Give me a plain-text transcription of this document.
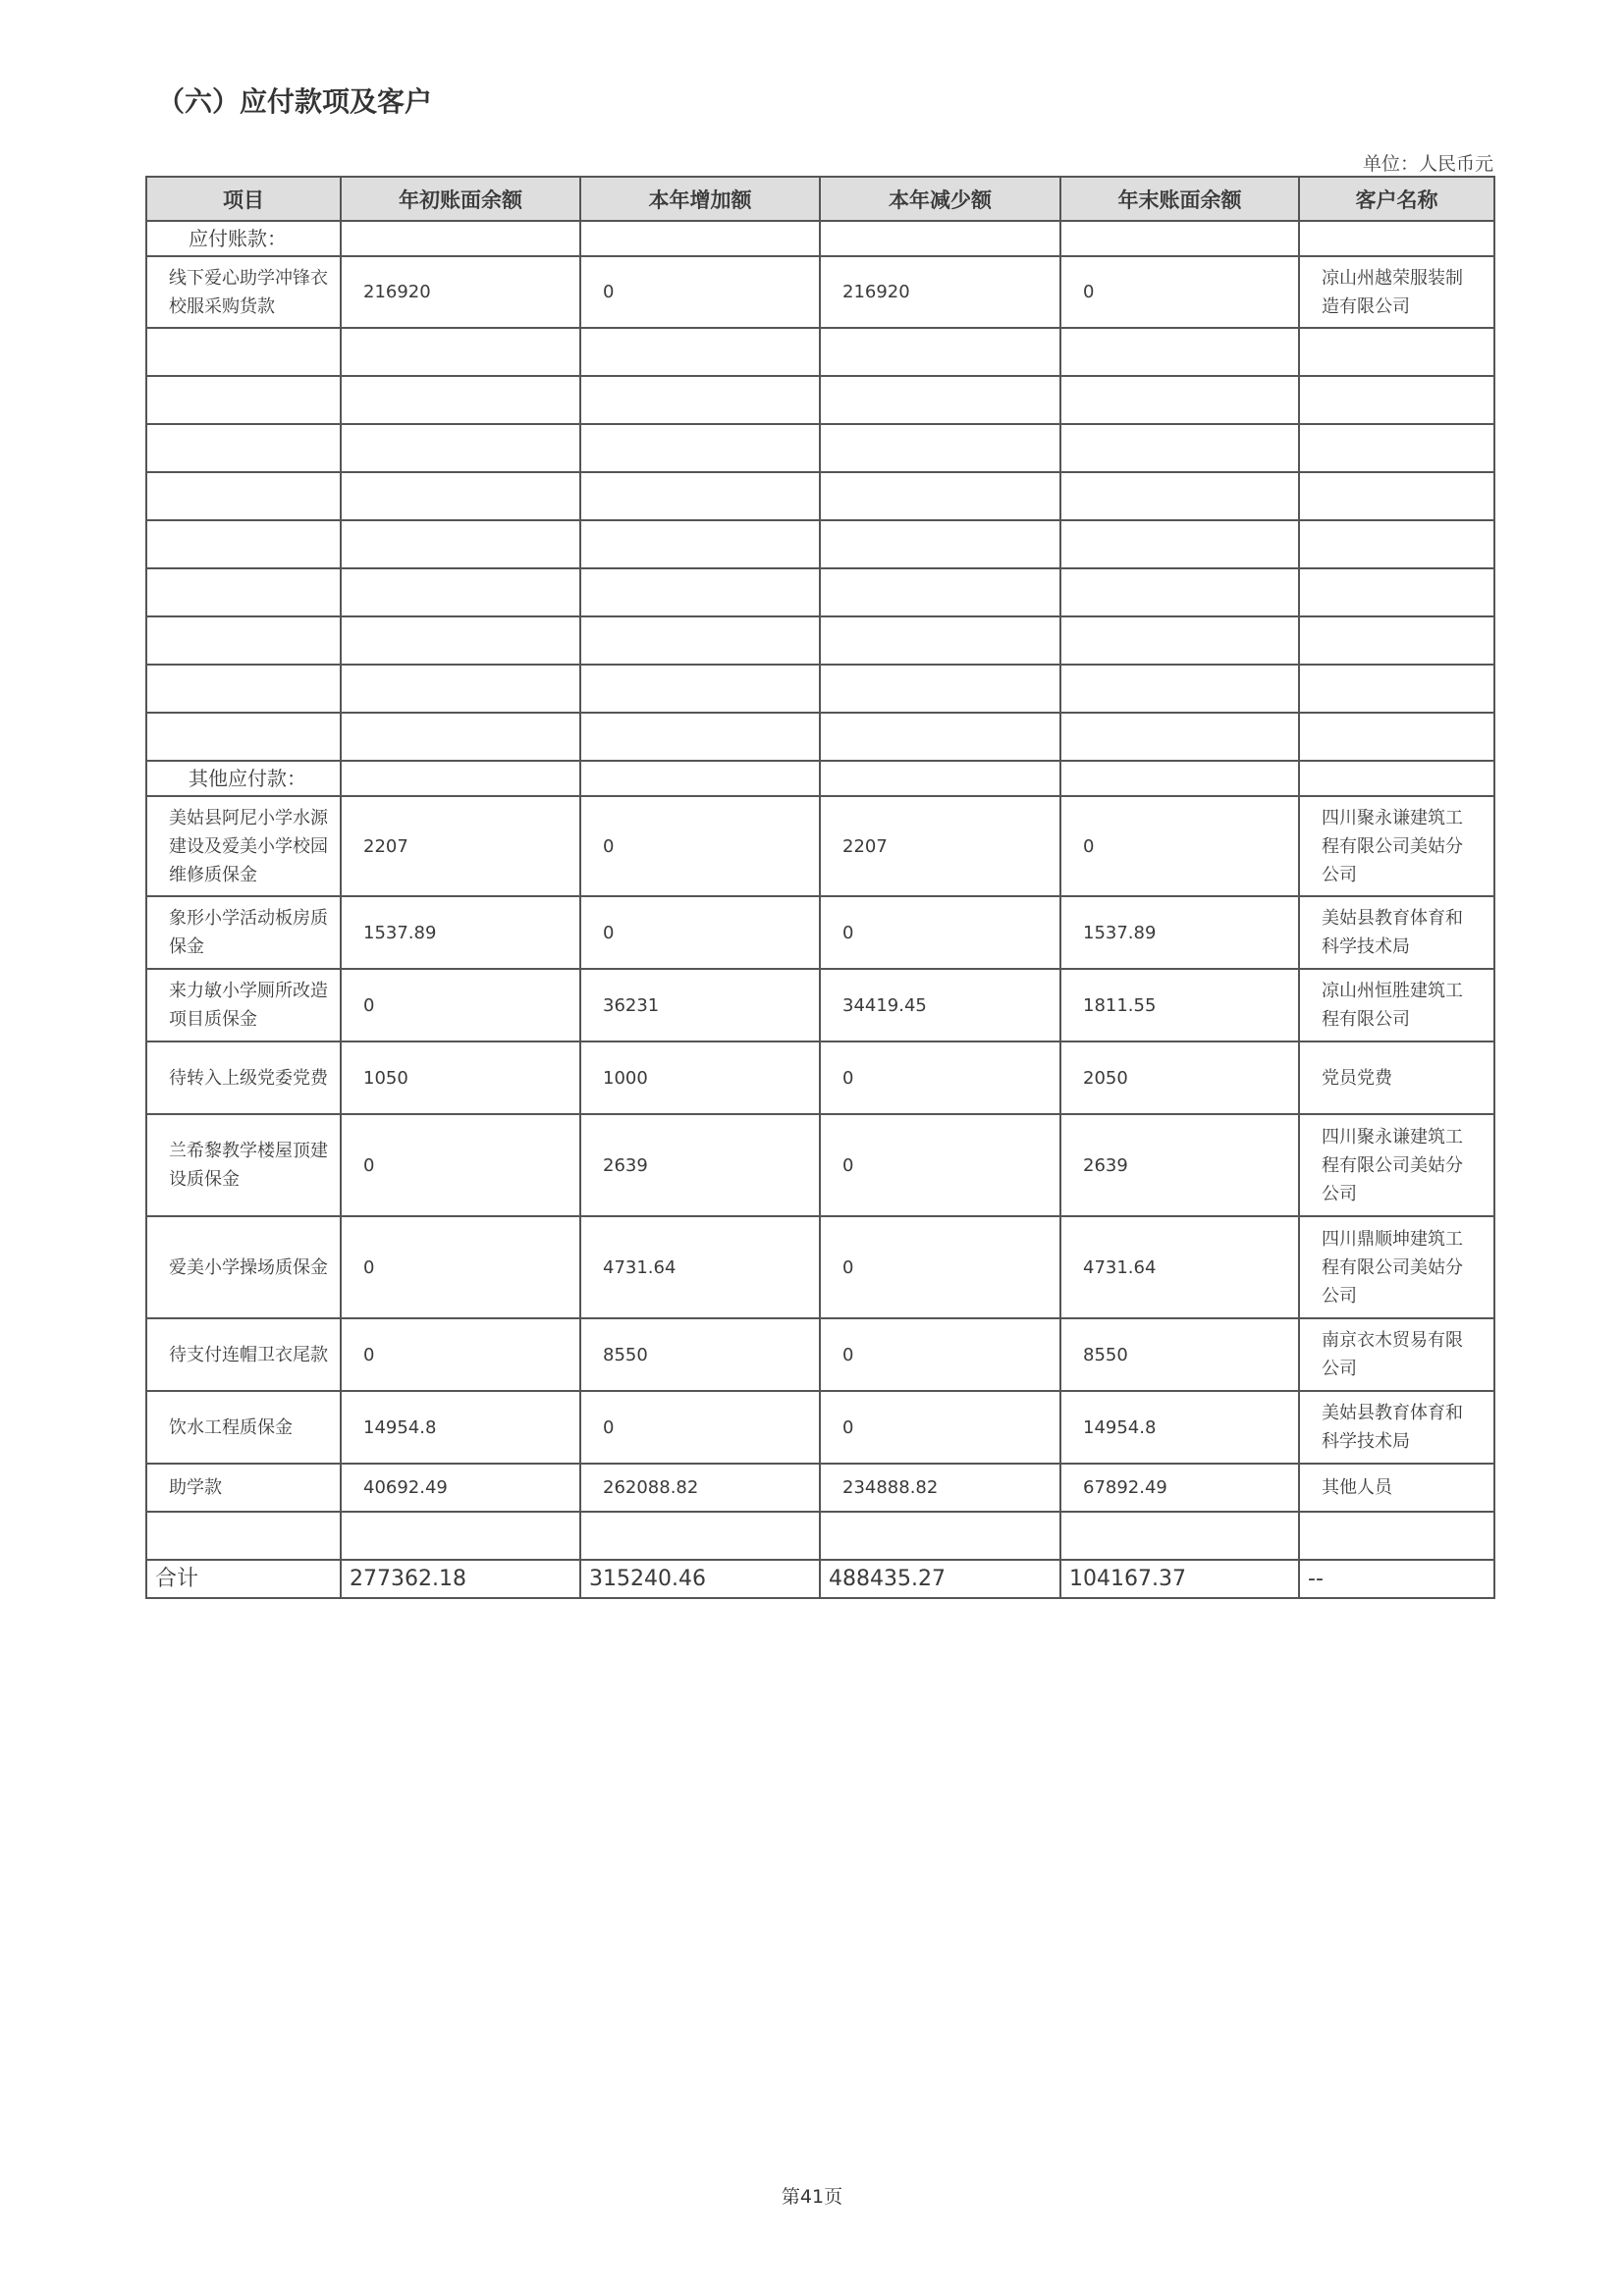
（六）应付款项及客户
单位：人民币元
项目	年初账面余额	本年增加额	本年减少额	年末账面余额	客户名称

应付账款：					

线下爱心助学冲锋衣校服采购货款	216920	0	216920	0	凉山州越荣服装制造有限公司

其他应付款：					

美姑县阿尼小学水源建设及爱美小学校园维修质保金	2207	0	2207	0	四川聚永谦建筑工程有限公司美姑分公司

象形小学活动板房质保金	1537.89	0	0	1537.89	美姑县教育体育和科学技术局

来力敏小学厕所改造项目质保金	0	36231	34419.45	1811.55	凉山州恒胜建筑工程有限公司

待转入上级党委党费	1050	1000	0	2050	党员党费

兰希黎教学楼屋顶建设质保金	0	2639	0	2639	四川聚永谦建筑工程有限公司美姑分公司

爱美小学操场质保金	0	4731.64	0	4731.64	四川鼎顺坤建筑工程有限公司美姑分公司

待支付连帽卫衣尾款	0	8550	0	8550	南京衣木贸易有限公司

饮水工程质保金	14954.8	0	0	14954.8	美姑县教育体育和科学技术局

助学款	40692.49	262088.82	234888.82	67892.49	其他人员

合计	277362.18	315240.46	488435.27	104167.37	--
第41页
